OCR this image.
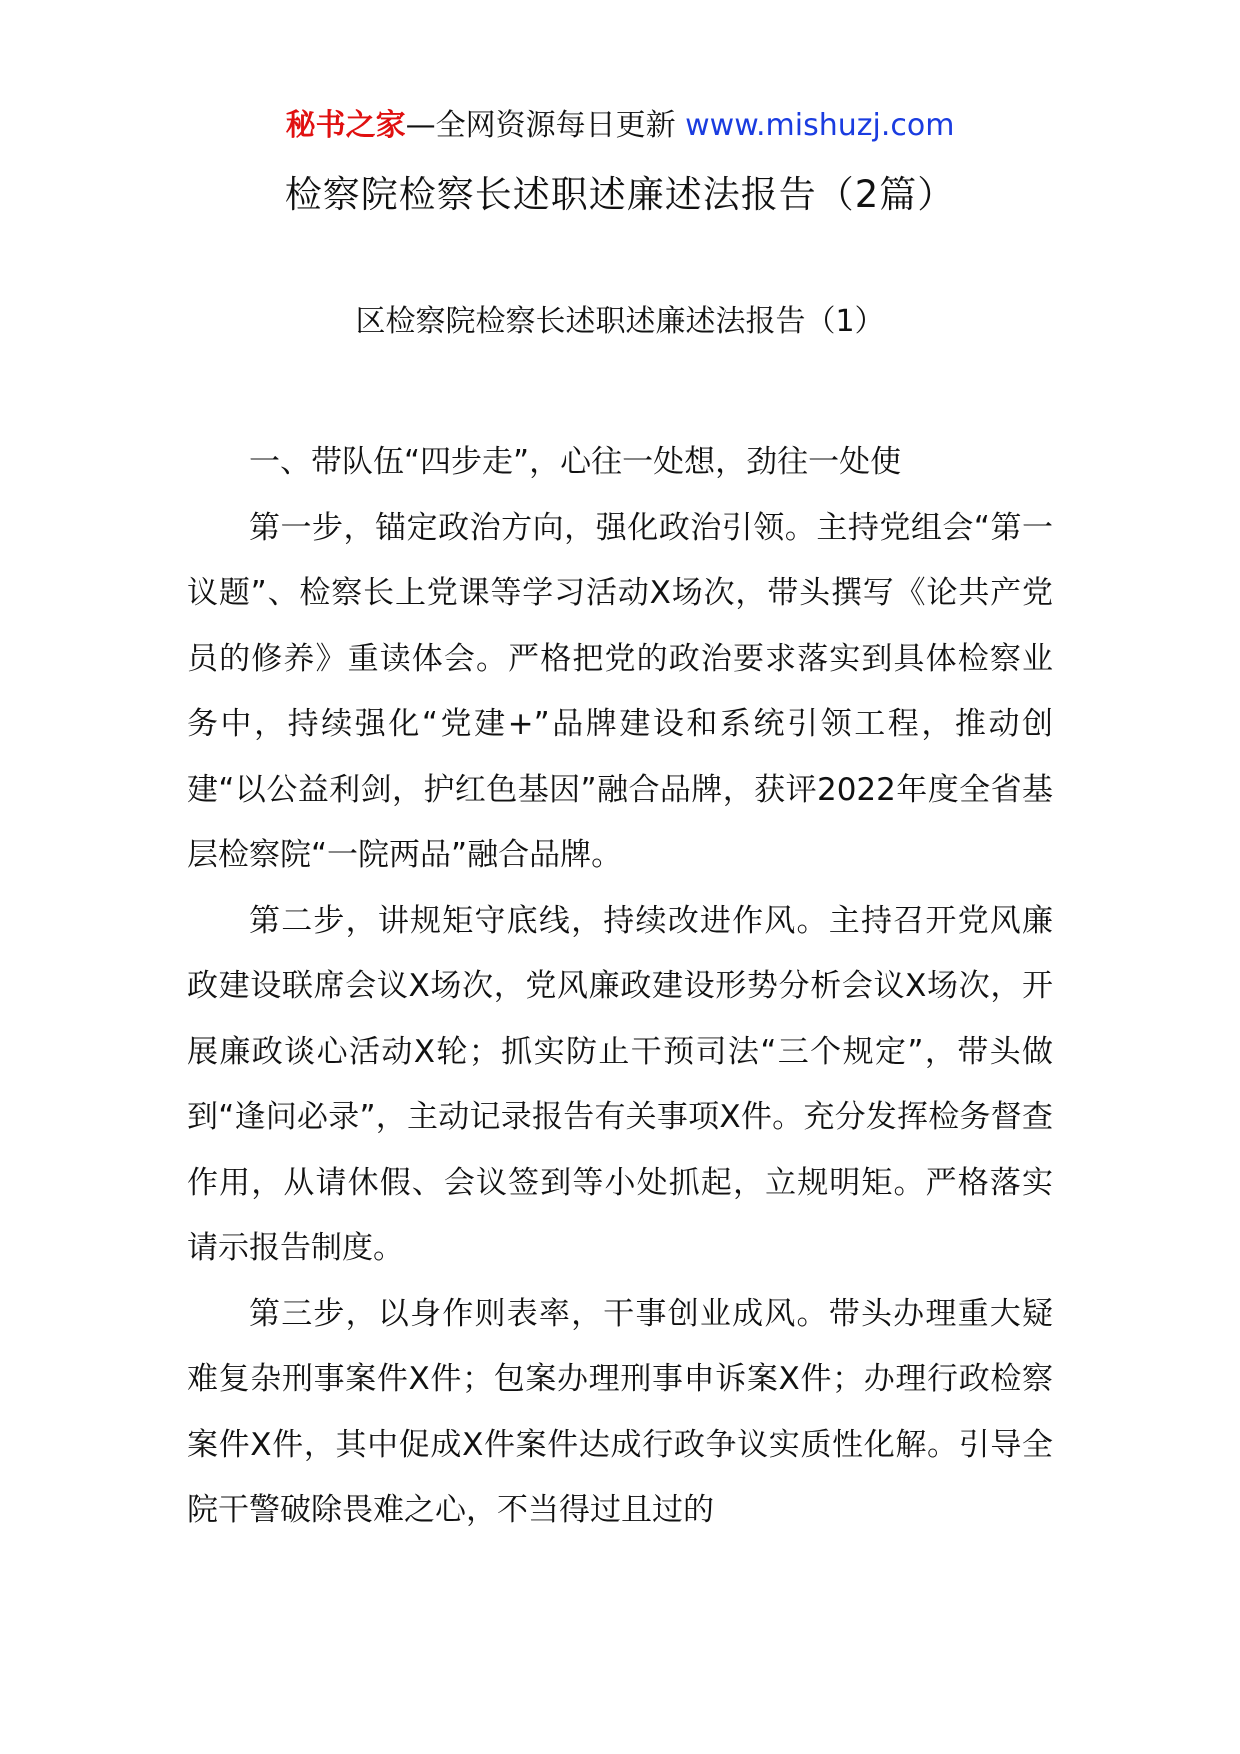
秘书之家—全网资源每日更新 www.mishuzj.com
检察院检察长述职述廉述法报告（2篇）
区检察院检察长述职述廉述法报告（1）

一、带队伍“四步走”，心往一处想，劲往一处使

第一步，锚定政治方向，强化政治引领。主持党组会“第一议题”、检察长上党课等学习活动X场次，带头撰写《论共产党员的修养》重读体会。严格把党的政治要求落实到具体检察业务中，持续强化“党建+”品牌建设和系统引领工程，推动创建“以公益利剑，护红色基因”融合品牌，获评2022年度全省基层检察院“一院两品”融合品牌。

第二步，讲规矩守底线，持续改进作风。主持召开党风廉政建设联席会议X场次，党风廉政建设形势分析会议X场次，开展廉政谈心活动X轮；抓实防止干预司法“三个规定”，带头做到“逢问必录”，主动记录报告有关事项X件。充分发挥检务督查作用，从请休假、会议签到等小处抓起，立规明矩。严格落实请示报告制度。

第三步，以身作则表率，干事创业成风。带头办理重大疑难复杂刑事案件X件；包案办理刑事申诉案X件；办理行政检察案件X件，其中促成X件案件达成行政争议实质性化解。引导全院干警破除畏难之心，不当得过且过的
